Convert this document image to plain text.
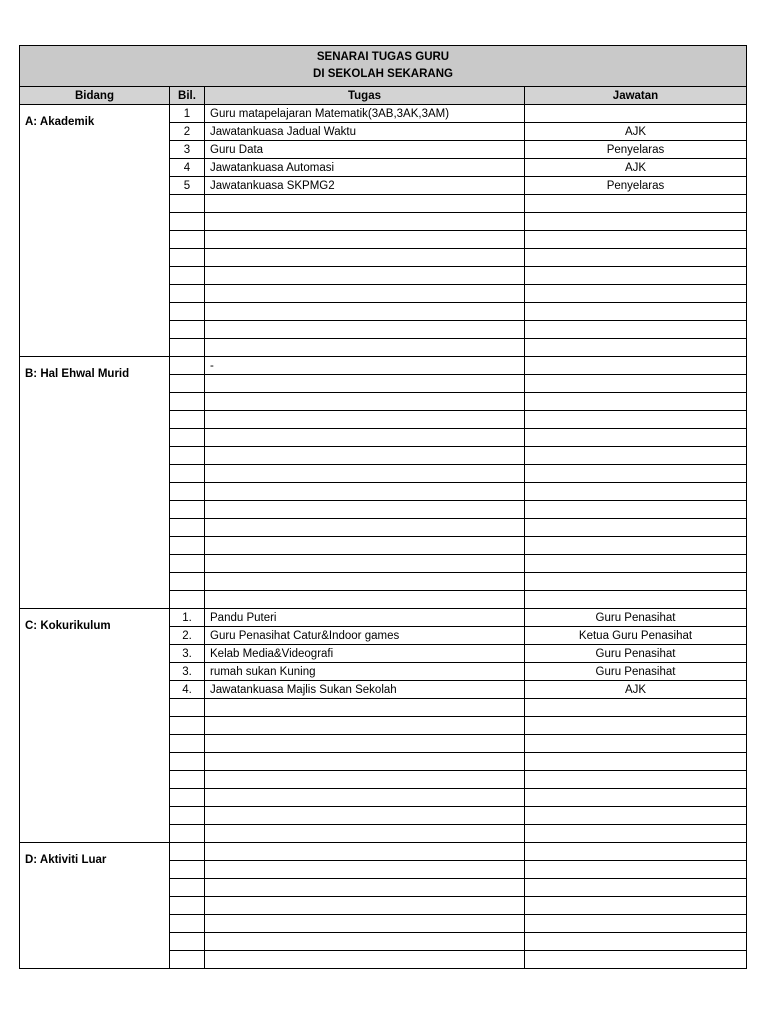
SENARAI TUGAS GURU
DI SEKOLAH SEKARANG			

Bidang	Bil.	Tugas	Jawatan
A: Akademik	1	Guru matapelajaran Matematik(3AB,3AK,3AM)	
	2	Jawatankuasa Jadual Waktu	AJK
	3	Guru Data	Penyelaras
	4	Jawatankuasa Automasi	AJK
	5	Jawatankuasa SKPMG2	Penyelaras

B: Hal Ehwal Murid		-	

C: Kokurikulum	1.	Pandu Puteri	Guru Penasihat
	2.	Guru Penasihat Catur&Indoor games	Ketua Guru Penasihat
	3.	Kelab Media&Videografi	Guru Penasihat
	3.	rumah sukan Kuning	Guru Penasihat
	4.	Jawatankuasa Majlis Sukan Sekolah	AJK

D: Aktiviti Luar			
